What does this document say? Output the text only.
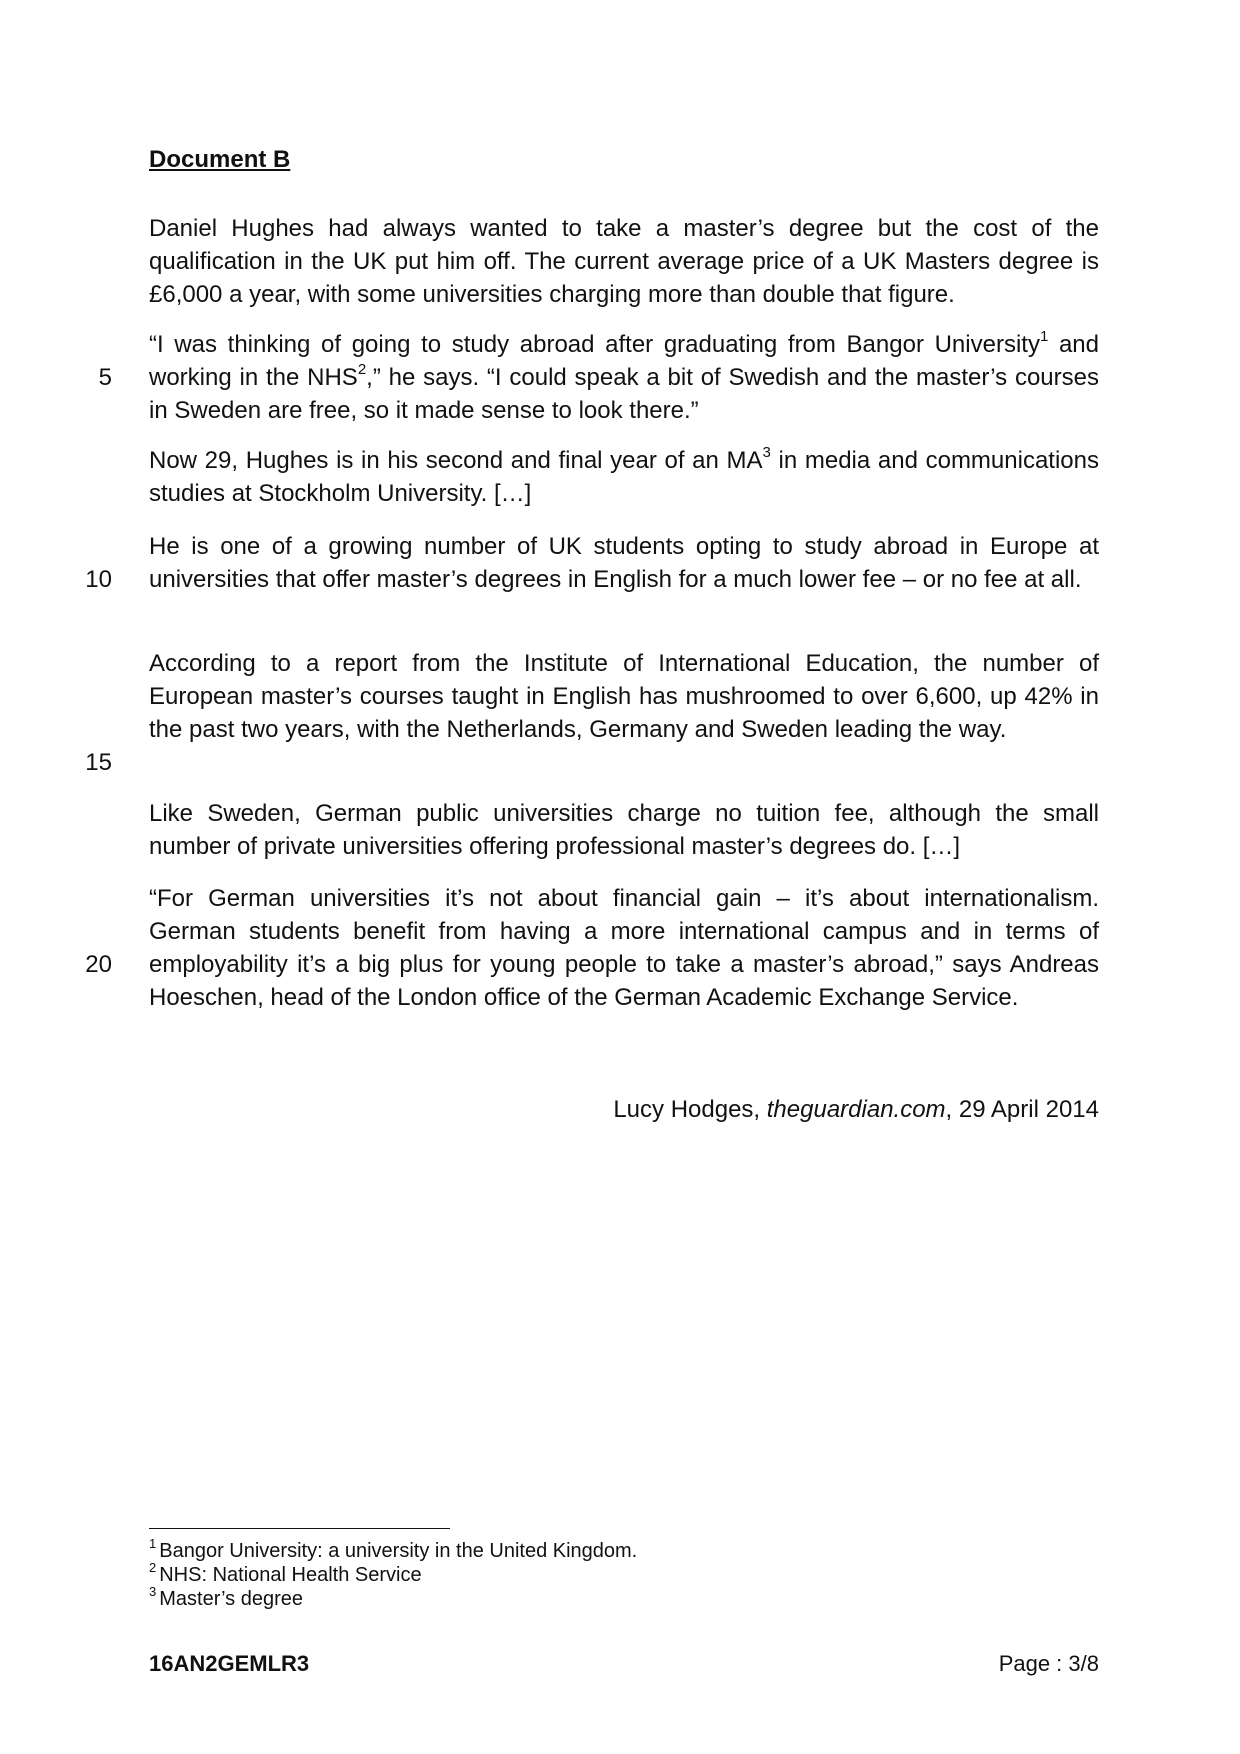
Document B

Daniel Hughes had always wanted to take a master’s degree but the cost of the qualification in the UK put him off. The current average price of a UK Masters degree is £6,000 a year, with some universities charging more than double that figure.

“I was thinking of going to study abroad after graduating from Bangor University$^1$ and working in the NHS$^2$,” he says. “I could speak a bit of Swedish and the master’s courses in Sweden are free, so it made sense to look there.”

Now 29, Hughes is in his second and final year of an $MA^3$ in media and communications studies at Stockholm University. […]

He is one of a growing number of UK students opting to study abroad in Europe at universities that offer master’s degrees in English for a much lower fee – or no fee at all.

According to a report from the Institute of International Education, the number of European master’s courses taught in English has mushroomed to over 6,600, up 42% in the past two years, with the Netherlands, Germany and Sweden leading the way.

Like Sweden, German public universities charge no tuition fee, although the small number of private universities offering professional master’s degrees do. […]

“For German universities it’s not about financial gain – it’s about internationalism. German students benefit from having a more international campus and in terms of employability it’s a big plus for young people to take a master’s abroad,” says Andreas Hoeschen, head of the London office of the German Academic Exchange Service.

5
10
15
20
Lucy Hodges, theguardian.com, 29 April 2014
$^1$ Bangor University: a university in the United Kingdom.
$^2$ NHS: National Health Service
$^3$ Master’s degree
16AN2GEMLR3	Page : 3/8
